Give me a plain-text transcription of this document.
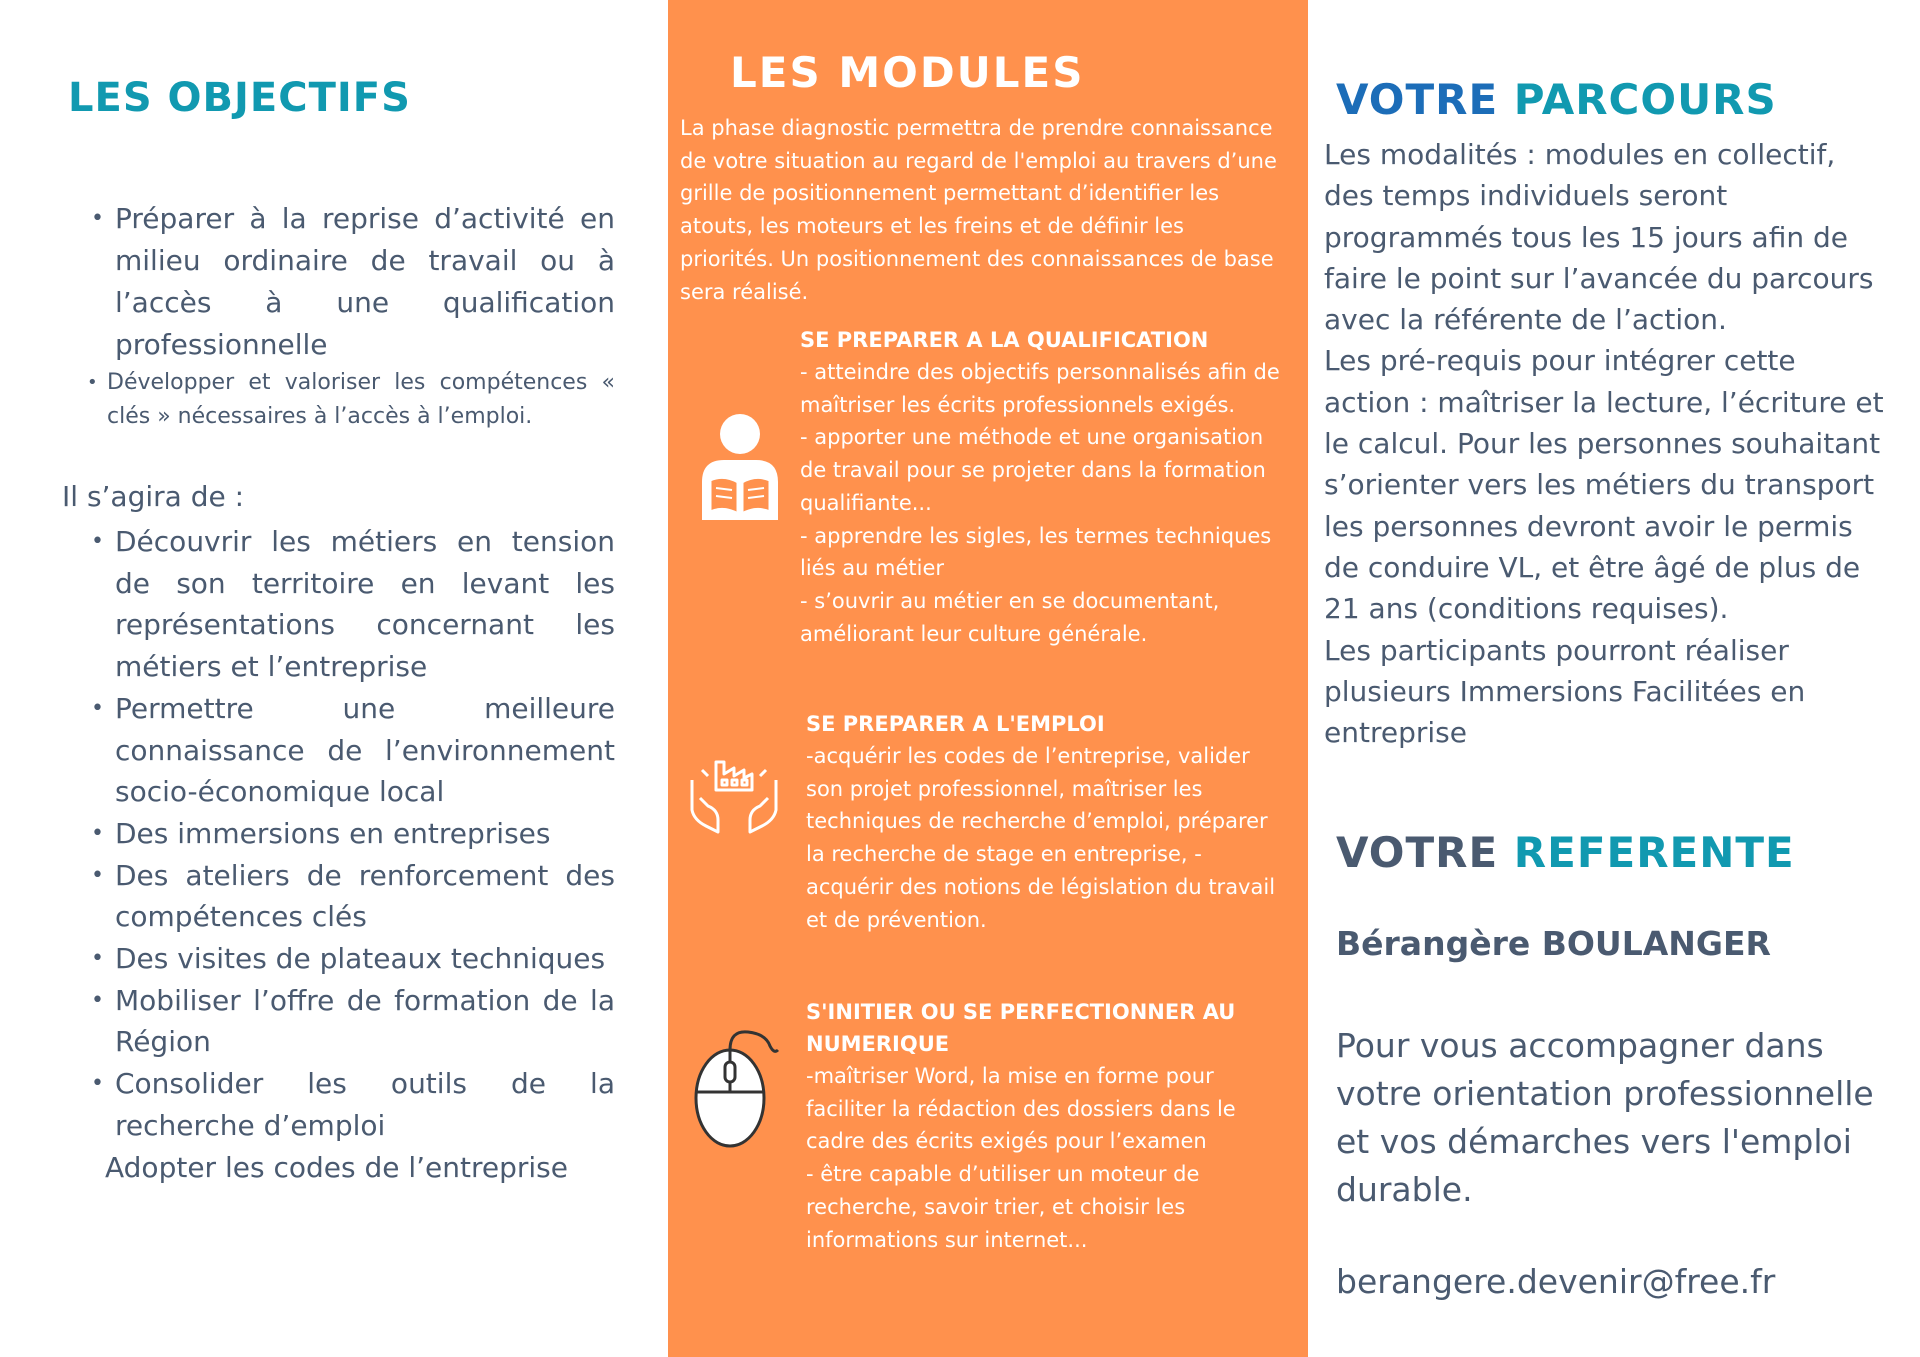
LES OBJECTIFS
• Préparer à la reprise d’activité en milieu ordinaire de travail ou à l’accès à une qualification professionnelle
• Développer et valoriser les compétences « clés » nécessaires à l’accès à l’emploi.

Il s’agira de :

• Découvrir les métiers en tension de son territoire en levant les représentations concernant les métiers et l’entreprise
• Permettre une meilleure connaissance de l’environnement socio-économique local
• Des immersions en entreprises
• Des ateliers de renforcement des compétences clés
• Des visites de plateaux techniques
• Mobiliser l’offre de formation de la Région
• Consolider les outils de la recherche d’emploi
Adopter les codes de l’entreprise
LES MODULES

La phase diagnostic permettra de prendre connaissance de votre situation au regard de l'emploi au travers d’une grille de positionnement permettant d’identifier les atouts, les moteurs et les freins et de définir les priorités. Un positionnement des connaissances de base sera réalisé.

SE PREPARER A LA QUALIFICATION
- atteindre des objectifs personnalisés afin de maîtriser les écrits professionnels exigés.
- apporter une méthode et une organisation de travail pour se projeter dans la formation qualifiante...
- apprendre les sigles, les termes techniques liés au métier
- s’ouvrir au métier en se documentant, améliorant leur culture générale.
SE PREPARER A L'EMPLOI
-acquérir les codes de l’entreprise, valider son projet professionnel, maîtriser les techniques de recherche d’emploi, préparer la recherche de stage en entreprise, - acquérir des notions de législation du travail et de prévention.
S'INITIER OU SE PERFECTIONNER AU NUMERIQUE
-maîtriser Word, la mise en forme pour faciliter la rédaction des dossiers dans le cadre des écrits exigés pour l’examen
- être capable d’utiliser un moteur de recherche, savoir trier, et choisir les informations sur internet...
VOTRE PARCOURS

Les modalités : modules en collectif, des temps individuels seront programmés tous les 15 jours afin de faire le point sur l’avancée du parcours avec la référente de l’action.
Les pré-requis pour intégrer cette action : maîtriser la lecture, l’écriture et le calcul. Pour les personnes souhaitant s’orienter vers les métiers du transport les personnes devront avoir le permis de conduire VL, et être âgé de plus de 21 ans (conditions requises).
Les participants pourront réaliser plusieurs Immersions Facilitées en entreprise

VOTRE REFERENTE

Bérangère BOULANGER

Pour vous accompagner dans votre orientation professionnelle et vos démarches vers l'emploi durable.

berangere.devenir@free.fr
